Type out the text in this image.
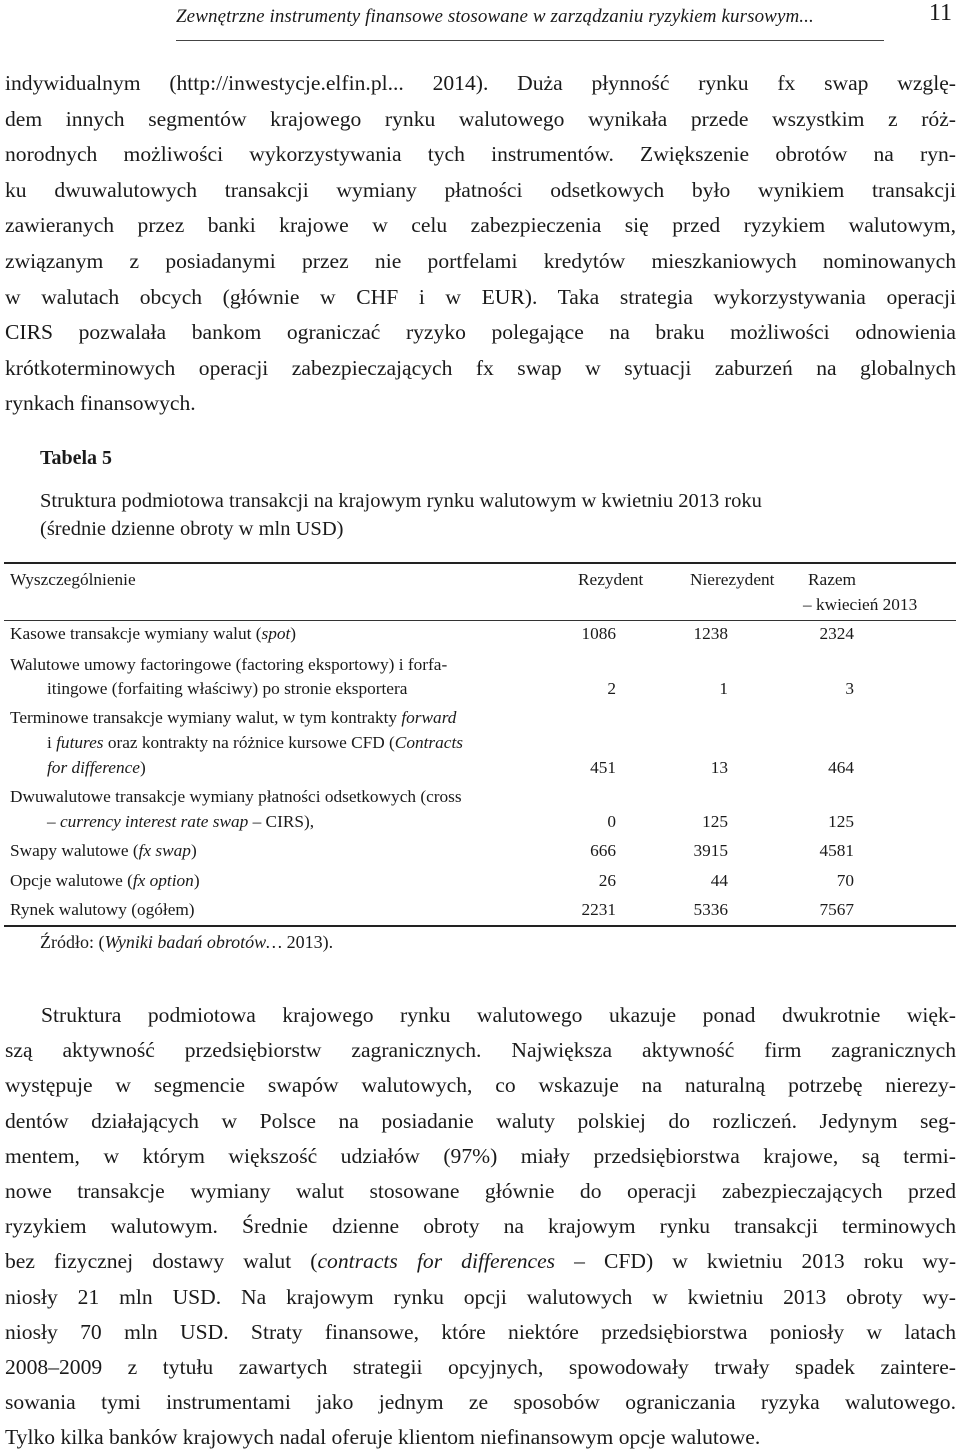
Zewnętrzne instrumenty finansowe stosowane w zarządzaniu ryzykiem kursowym...	11
indywidualnym (http://inwestycje.elfin.pl... 2014). Duża płynność rynku fx swap wzglę-
dem innych segmentów krajowego rynku walutowego wynikała przede wszystkim z róż-
norodnych możliwości wykorzystywania tych instrumentów. Zwiększenie obrotów na ryn-
ku dwuwalutowych transakcji wymiany płatności odsetkowych było wynikiem transakcji
zawieranych przez banki krajowe w celu zabezpieczenia się przed ryzykiem walutowym,
związanym z posiadanymi przez nie portfelami kredytów mieszkaniowych nominowanych
w walutach obcych (głównie w CHF i w EUR). Taka strategia wykorzystywania operacji
CIRS pozwalała bankom ograniczać ryzyko polegające na braku możliwości odnowienia
krótkoterminowych operacji zabezpieczających fx swap w sytuacji zaburzeń na globalnych
rynkach finansowych.
Tabela 5
Struktura podmiotowa transakcji na krajowym rynku walutowym w kwietniu 2013 roku
(średnie dzienne obroty w mln USD)
Wyszczególnienie	Rezydent	Nierezydent Razem
– kwiecień 2013
Kasowe transakcje wymiany walut (spot)	1086	1238	2324
Walutowe umowy factoringowe (factoring eksportowy) i forfa-
itingowe (forfaiting właściwy) po stronie eksportera	2	1	3
Terminowe transakcje wymiany walut, w tym kontrakty forward
i futures oraz kontrakty na różnice kursowe CFD (Contracts
for difference)	451	13	464
Dwuwalutowe transakcje wymiany płatności odsetkowych (cross
– currency interest rate swap – CIRS),	0	125	125
Swapy walutowe (fx swap)	666	3915	4581
Opcje walutowe (fx option)	26	44	70
Rynek walutowy (ogółem)	2231	5336	7567
Źródło: (Wyniki badań obrotów… 2013).
Struktura podmiotowa krajowego rynku walutowego ukazuje ponad dwukrotnie więk-
szą aktywność przedsiębiorstw zagranicznych. Największa aktywność firm zagranicznych
występuje w segmencie swapów walutowych, co wskazuje na naturalną potrzebę nierezy-
dentów działających w Polsce na posiadanie waluty polskiej do rozliczeń. Jedynym seg-
mentem, w którym większość udziałów (97%) miały przedsiębiorstwa krajowe, są termi-
nowe transakcje wymiany walut stosowane głównie do operacji zabezpieczających przed
ryzykiem walutowym. Średnie dzienne obroty na krajowym rynku transakcji terminowych
bez fizycznej dostawy walut (contracts for differences – CFD) w kwietniu 2013 roku wy-
niosły 21 mln USD. Na krajowym rynku opcji walutowych w kwietniu 2013 obroty wy-
niosły 70 mln USD. Straty finansowe, które niektóre przedsiębiorstwa poniosły w latach
2008–2009 z tytułu zawartych strategii opcyjnych, spowodowały trwały spadek zaintere-
sowania tymi instrumentami jako jednym ze sposobów ograniczania ryzyka walutowego.
Tylko kilka banków krajowych nadal oferuje klientom niefinansowym opcje walutowe.
